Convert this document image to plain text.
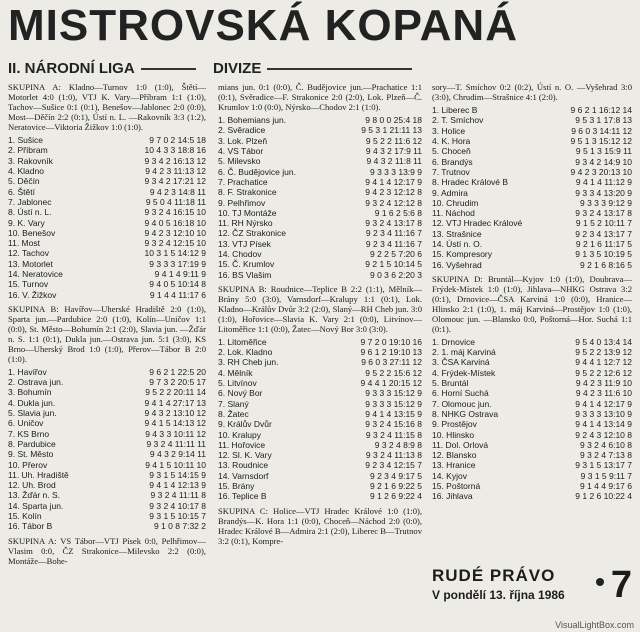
MISTROVSKÁ KOPANÁ
II. NÁRODNÍ LIGA	DIVIZE

SKUPINA A: Kladno—Turnov 1:0 (1:0), Štětí—Motorlet 4:0 (1:0), VTJ K. Vary—Příbram 1:1 (1:0), Tachov—Sušice 0:1 (0:1), Benešov—Jablonec 2:0 (0:0), Most—Děčín 2:2 (0:1), Ústí n. L. —Rakovník 3:3 (1:2), Neratovice—Viktoria Žižkov 1:0 (1:0).

1. Sušice	9 7 0 2 14:5 18
2. Příbram	10 4 3 3 18:8 16
3. Rakovník	9 3 4 2 16:13 12
4. Kladno	9 4 2 3 11:13 12
5. Děčín	9 3 4 2 17:21 12
6. Štětí	9 4 2 3 14:8 11
7. Jablonec	9 5 0 4 11:18 11
8. Ústí n. L.	9 3 2 4 16:15 10
9. K. Vary	9 4 0 5 16:18 10
10. Benešov	9 4 2 3 12:10 10
11. Most	9 3 2 4 12:15 10
12. Tachov	10 3 1 5 14:12 9
13. Motorlet	9 3 3 3 17:19 9
14. Neratovice	9 4 1 4 9:11 9
15. Turnov	9 4 0 5 10:14 8
16. V. Žižkov	9 1 4 4 11:17 6

SKUPINA B: Havířov—Uherské Hradiště 2:0 (1:0), Sparta jun.—Pardubice 2:0 (1:0), Kolín—Uničov 1:1 (0:0), St. Město—Bohumín 2:1 (2:0), Slavia jun. —Žďár n. S. 1:1 (0:1), Dukla jun.—Ostrava jun. 5:1 (3:0), KS Brno—Uherský Brod 1:0 (1:0), Přerov—Tábor B 2:0 (1:0).

1. Havířov	9 6 2 1 22:5 20
2. Ostrava jun.	9 7 3 2 20:5 17
3. Bohumín	9 5 2 2 20:11 14
4. Dukla jun.	9 4 1 4 27:17 13
5. Slavia jun.	9 4 3 2 13:10 12
6. Uničov	9 4 1 5 14:13 12
7. KS Brno	9 4 3 3 10:11 12
8. Pardubice	9 3 2 4 11:11 11
9. St. Město	9 4 3 2 9:14 11
10. Přerov	9 4 1 5 10:11 10
11. Uh. Hradiště	9 3 1 5 14:15 9
12. Uh. Brod	9 4 1 4 12:13 9
13. Žďár n. S.	9 3 2 4 11:11 8
14. Sparta jun.	9 3 2 4 10:17 8
15. Kolín	9 3 1 5 10:15 7
16. Tábor B	9 1 0 8 7:32 2

SKUPINA A: VS Tábor—VTJ Písek 0:0, Pelhřimov—Vlasim 0:0, ČZ Strakonice—Milevsko 2:2 (0:0), Montáže—Bohe-

mians jun. 0:1 (0:0), Č. Budějovice jun.—Prachatice 1:1 (0:1), Svěradice—F. Strakonice 2:0 (2:0), Lok. Plzeň—Č. Krumlov 1:0 (0:0), Nýrsko—Chodov 2:1 (1:0).

1. Bohemians jun.	9 8 0 0 25:4 18
2. Svěradice	9 5 3 1 21:11 13
3. Lok. Plzeň	9 5 2 2 11:6 12
4. VS Tábor	9 4 3 2 17:9 11
5. Milevsko	9 4 3 2 11:8 11
6. Č. Budějovice jun.	9 3 3 3 13:9 9
7. Prachatice	9 4 1 4 12:17 9
8. F. Strakonice	9 4 2 3 12:12 8
9. Pelhřimov	9 3 2 4 12:12 8
10. TJ Montáže	9 1 6 2 5:6 8
11. RH Nýrsko	9 3 2 4 13:17 8
12. ČZ Strakonice	9 2 3 4 11:16 7
13. VTJ Písek	9 2 3 4 11:16 7
14. Chodov	9 2 2 5 7:20 6
15. Č. Krumlov	9 2 1 5 10:14 5
16. BS Vlašim	9 0 3 6 2:20 3

SKUPINA B: Roudnice—Teplice B 2:2 (1:1), Mělník—Brány 5:0 (3:0), Varnsdorf—Kralupy 1:1 (0:1), Lok. Kladno—Králův Dvůr 3:2 (2:0), Slaný—RH Cheb jun. 3:0 (1:0), Hořovice—Slavia K. Vary 2:1 (0:0), Litvínov—Litoměřice 1:1 (0:0), Žatec—Nový Bor 3:0 (3:0).

1. Litoměřice	9 7 2 0 19:10 16
2. Lok. Kladno	9 6 1 2 19:10 13
3. RH Cheb jun.	9 6 0 3 27:11 12
4. Mělník	9 5 2 2 15:6 12
5. Litvínov	9 4 4 1 20:15 12
6. Nový Bor	9 3 3 3 15:12 9
7. Slaný	9 3 3 3 15:12 9
8. Žatec	9 4 1 4 13:15 9
9. Králův Dvůr	9 3 2 4 15:16 8
10. Kralupy	9 3 2 4 11:15 8
11. Hořovice	9 3 2 4 8:9 8
12. Sl. K. Vary	9 3 2 4 11:13 8
13. Roudnice	9 2 3 4 12:15 7
14. Varnsdorf	9 2 3 4 9:17 5
15. Brány	9 2 1 6 9:22 5
16. Teplice B	9 1 2 6 9:22 4

SKUPINA C: Holice—VTJ Hradec Králové 1:0 (1:0), Brandýs—K. Hora 1:1 (0:0), Choceň—Náchod 2:0 (0:0), Hradec Králové B—Admira 2:1 (2:0), Liberec B—Trutnov 3:2 (0:1), Kompre-

sory—T. Smíchov 0:2 (0:2), Ústí n. O. —Vyšehrad 3:0 (3:0), Chrudim—Strašnice 4:1 (2:0).

1. Liberec B	9 6 2 1 16:12 14
2. T. Smíchov	9 5 3 1 17:8 13
3. Holice	9 6 0 3 14:11 12
4. K. Hora	9 5 1 3 15:12 12
5. Choceň	9 5 1 3 15:9 11
6. Brandýs	9 3 4 2 14:9 10
7. Trutnov	9 4 2 3 20:13 10
8. Hradec Králové B	9 4 1 4 11:12 9
9. Admira	9 3 3 4 13:20 9
10. Chrudim	9 3 3 3 9:12 9
11. Náchod	9 3 2 4 13:17 8
12. VTJ Hradec Králové	9 1 5 2 10:11 7
13. Strašnice	9 2 3 4 13:17 7
14. Ústí n. O.	9 2 1 6 11:17 5
15. Kompresory	9 1 3 5 10:19 5
16. Vyšehrad	9 2 1 6 8:16 5

SKUPINA D: Bruntál—Kyjov 1:0 (1:0), Doubrava—Frýdek-Místek 1:0 (1:0), Jihlava—NHKG Ostrava 3:2 (0:1), Drnovice—ČSA Karviná 1:0 (0:0), Hranice—Hlinsko 2:1 (1:0), 1. máj Karviná—Prostějov 1:0 (1:0), Olomouc jun. —Blansko 0:0, Poštorná—Hor. Suchá 1:1 (0:1).

1. Drnovice	9 5 4 0 13:4 14
2. 1. máj Karviná	9 5 2 2 13:9 12
3. ČSA Karviná	9 4 4 1 12:7 12
4. Frýdek-Místek	9 5 2 2 12:6 12
5. Bruntál	9 4 2 3 11:9 10
6. Horní Suchá	9 4 2 3 11:6 10
7. Olomouc jun.	9 4 1 4 12:17 9
8. NHKG Ostrava	9 3 3 3 13:10 9
9. Prostějov	9 4 1 4 13:14 9
10. Hlinsko	9 2 4 3 12:10 8
11. Dol. Orlová	9 3 2 4 6:10 8
12. Blansko	9 3 2 4 7:13 8
13. Hranice	9 3 1 5 13:17 7
14. Kyjov	9 3 1 5 9:11 7
15. Poštorná	9 1 4 4 9:17 6
16. Jihlava	9 1 2 6 10:22 4
RUDÉ PRÁVO
V pondělí 13. října 1986	7
VisualLightBox.com
